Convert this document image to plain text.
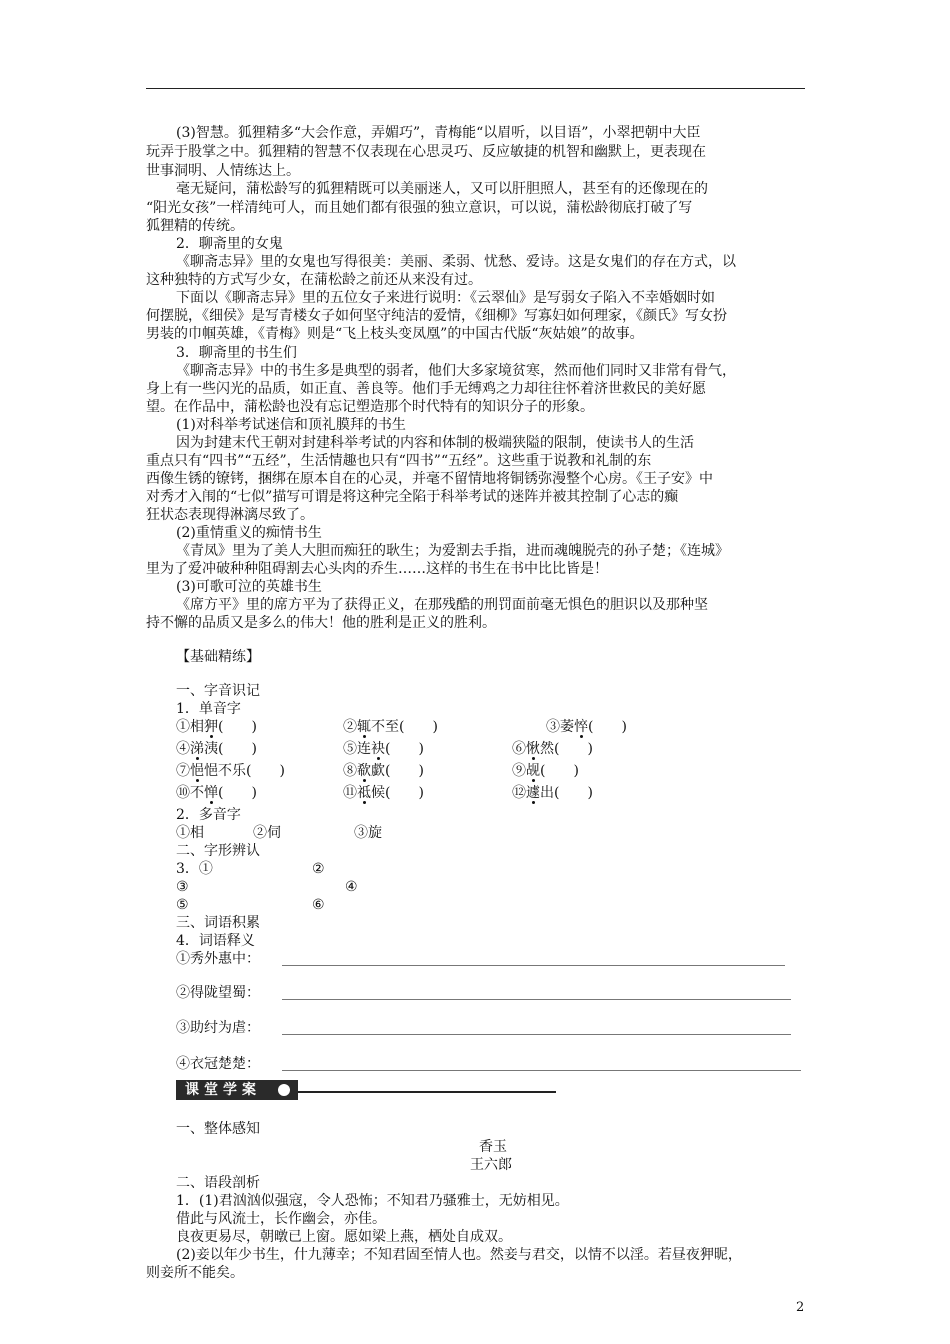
(3)智慧。狐狸精多“大会作意，弄媚巧”，青梅能“以眉听，以目语”，小翠把朝中大臣
玩弄于股掌之中。狐狸精的智慧不仅表现在心思灵巧、反应敏捷的机智和幽默上，更表现在
世事洞明、人情练达上。
毫无疑问，蒲松龄写的狐狸精既可以美丽迷人，又可以肝胆照人，甚至有的还像现在的
“阳光女孩”一样清纯可人，而且她们都有很强的独立意识，可以说，蒲松龄彻底打破了写
狐狸精的传统。
2．聊斋里的女鬼
《聊斋志异》里的女鬼也写得很美：美丽、柔弱、忧愁、爱诗。这是女鬼们的存在方式，以
这种独特的方式写少女，在蒲松龄之前还从来没有过。
下面以《聊斋志异》里的五位女子来进行说明：《云翠仙》是写弱女子陷入不幸婚姻时如
何摆脱，《细侯》是写青楼女子如何坚守纯洁的爱情，《细柳》写寡妇如何理家，《颜氏》写女扮
男装的巾帼英雄，《青梅》则是“飞上枝头变凤凰”的中国古代版“灰姑娘”的故事。
3．聊斋里的书生们
《聊斋志异》中的书生多是典型的弱者，他们大多家境贫寒，然而他们同时又非常有骨气，
身上有一些闪光的品质，如正直、善良等。他们手无缚鸡之力却往往怀着济世救民的美好愿
望。在作品中，蒲松龄也没有忘记塑造那个时代特有的知识分子的形象。
(1)对科举考试迷信和顶礼膜拜的书生
因为封建末代王朝对封建科举考试的内容和体制的极端狭隘的限制，使读书人的生活
重点只有“四书”“五经”，生活情趣也只有“四书”“五经”。这些重于说教和礼制的东
西像生锈的镣铐，捆绑在原本自在的心灵，并毫不留情地将铜锈弥漫整个心房。《王子安》中
对秀才入闱的“七似”描写可谓是将这种完全陷于科举考试的迷阵并被其控制了心志的癫
狂状态表现得淋漓尽致了。
(2)重情重义的痴情书生
《青凤》里为了美人大胆而痴狂的耿生；为爱割去手指，进而魂魄脱壳的孙子楚；《连城》
里为了爱冲破种种阻碍割去心头肉的乔生……这样的书生在书中比比皆是！
(3)可歌可泣的英雄书生
《席方平》里的席方平为了获得正义，在那残酷的刑罚面前毫无惧色的胆识以及那种坚
持不懈的品质又是多么的伟大！他的胜利是正义的胜利。
【基础精练】
一、字音识记
1．单音字
①相狎(　　)	②辄不至(　　)	③萎悴(　　)
④涕洟(　　)	⑤连袂(　　)	⑥愀然(　　)
⑦悒悒不乐(　　)	⑧欷歔(　　)	⑨觇(　　)
⑩不惮(　　)	⑪祗候(　　)	⑫遽出(　　)
2．多音字
①相	②伺	③旋
二、字形辨认
3．①	②
③	④
⑤	⑥
三、词语积累
4．词语释义
①秀外惠中：
②得陇望蜀：
③助纣为虐：
④衣冠楚楚：
课堂学案
一、整体感知
香玉
王六郎
二、语段剖析
1．(1)君汹汹似强寇，令人恐怖；不知君乃骚雅士，无妨相见。
借此与风流士，长作幽会，亦佳。
良夜更易尽，朝暾已上窗。愿如梁上燕，栖处自成双。
(2)妾以年少书生，什九薄幸；不知君固至情人也。然妾与君交，以情不以淫。若昼夜狎昵，
则妾所不能矣。
2
